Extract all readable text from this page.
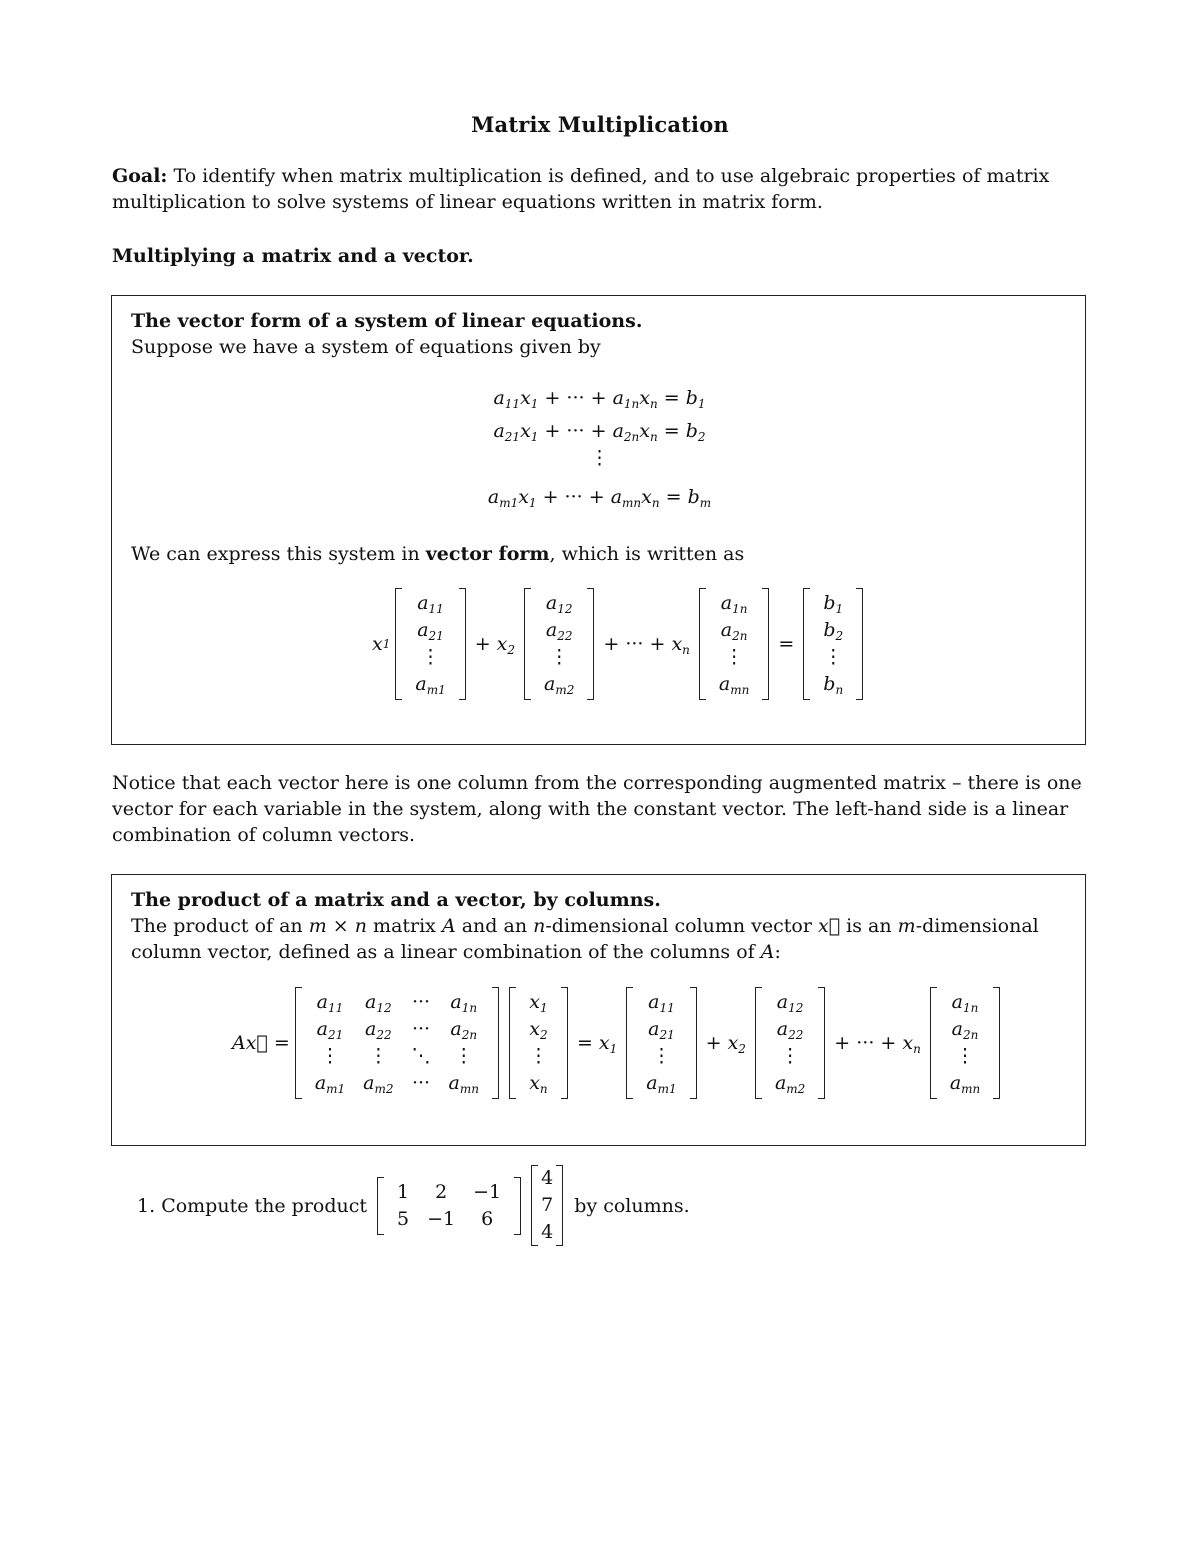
Matrix Multiplication
Goal: To identify when matrix multiplication is defined, and to use algebraic properties of matrix multiplication to solve systems of linear equations written in matrix form.
Multiplying a matrix and a vector.
The vector form of a system of linear equations.
Suppose we have a system of equations given by
$a_{11}x_1$ + ··· + $a_{1n}x_n = b_1$
$a_{21}x_1$ + ··· + $a_{2n}x_n = b_2$
⋮
$a_{m1}x_1$ + ··· + $a_{mn}x_n = b_m$
We can express this system in vector form, which is written as
x 1
$a_{11}$
$a_{21}$
⋮
$a_{m1}$
+ $x_2$
$a_{12}$
$a_{22}$
⋮
$a_{m2}$
+ ··· + $x_n$
$a_{1n}$
$a_{2n}$
⋮
$a_{mn}$
=
$b_1$
$b_2$
⋮
$b_n$
Notice that each vector here is one column from the corresponding augmented matrix – there is one vector for each variable in the system, along with the constant vector. The left-hand side is a linear combination of column vectors.
The product of a matrix and a vector, by columns.
The product of an m × n matrix A and an n-dimensional column vector x⃗ is an m-dimensional column vector, defined as a linear combination of the columns of A:
Ax⃗ =
$a_{11}$
$a_{21}$
⋮
$a_{m1}$
$a_{12}$
$a_{22}$
⋮
$a_{m2}$
···
···
⋱
···
$a_{1n}$
$a_{2n}$
⋮
$a_{mn}$
$x_1$
$x_2$
⋮
$x_n$
= $x_1$
$a_{11}$
$a_{21}$
⋮
$a_{m1}$
+ $x_2$
$a_{12}$
$a_{22}$
⋮
$a_{m2}$
+ ··· + $x_n$
$a_{1n}$
$a_{2n}$
⋮
$a_{mn}$
1.
Compute the product
1
5
2
−1
−1
6
4
7
4

by columns.
